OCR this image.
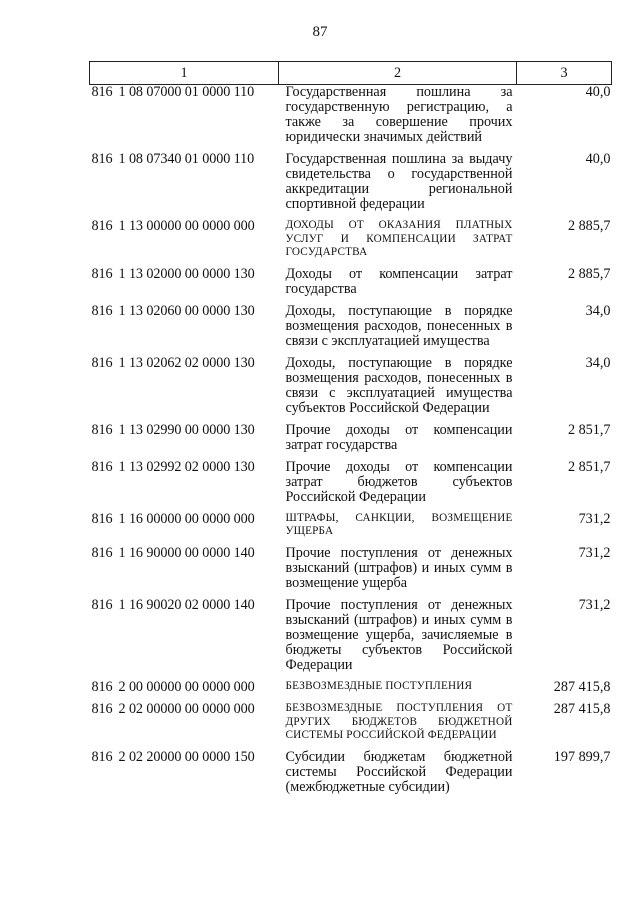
87
1	2	3
816 1 08 07000 01 0000 110	Государственная пошлина за государственную регистрацию, а также за совершение прочих юридически значимых действий	40,0
816 1 08 07340 01 0000 110	Государственная пошлина за выдачу свидетельства о государственной аккредитации региональной спортивной федерации	40,0
816 1 13 00000 00 0000 000	ДОХОДЫ ОТ ОКАЗАНИЯ ПЛАТНЫХ УСЛУГ И КОМПЕНСАЦИИ ЗАТРАТ ГОСУДАРСТВА	2 885,7
816 1 13 02000 00 0000 130	Доходы от компенсации затрат государства	2 885,7
816 1 13 02060 00 0000 130	Доходы, поступающие в порядке возмещения расходов, понесенных в связи с эксплуатацией имущества	34,0
816 1 13 02062 02 0000 130	Доходы, поступающие в порядке возмещения расходов, понесенных в связи с эксплуатацией имущества субъектов Российской Федерации	34,0
816 1 13 02990 00 0000 130	Прочие доходы от компенсации затрат государства	2 851,7
816 1 13 02992 02 0000 130	Прочие доходы от компенсации затрат бюджетов субъектов Российской Федерации	2 851,7
816 1 16 00000 00 0000 000	ШТРАФЫ, САНКЦИИ, ВОЗМЕЩЕНИЕ УЩЕРБА	731,2
816 1 16 90000 00 0000 140	Прочие поступления от денежных взысканий (штрафов) и иных сумм в возмещение ущерба	731,2
816 1 16 90020 02 0000 140	Прочие поступления от денежных взысканий (штрафов) и иных сумм в возмещение ущерба, зачисляемые в бюджеты субъектов Российской Федерации	731,2
816 2 00 00000 00 0000 000	БЕЗВОЗМЕЗДНЫЕ ПОСТУПЛЕНИЯ	287 415,8
816 2 02 00000 00 0000 000	БЕЗВОЗМЕЗДНЫЕ ПОСТУПЛЕНИЯ ОТ ДРУГИХ БЮДЖЕТОВ БЮДЖЕТНОЙ СИСТЕМЫ РОССИЙСКОЙ ФЕДЕРАЦИИ	287 415,8
816 2 02 20000 00 0000 150	Субсидии бюджетам бюджетной системы Российской Федерации (межбюджетные субсидии)	197 899,7
